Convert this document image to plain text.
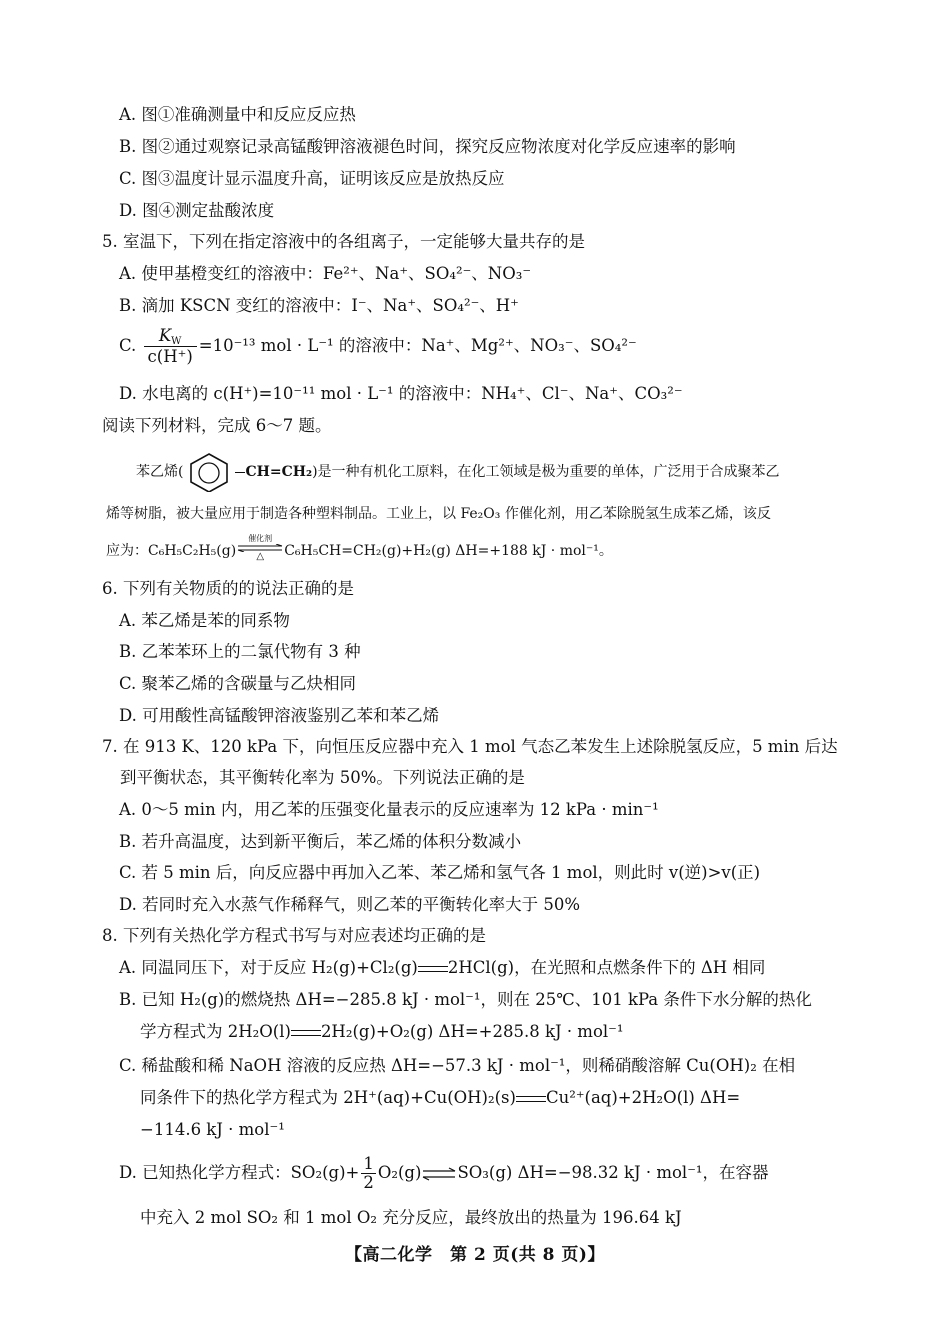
A. 图①准确测量中和反应反应热
B. 图②通过观察记录高锰酸钾溶液褪色时间，探究反应物浓度对化学反应速率的影响
C. 图③温度计显示温度升高，证明该反应是放热反应
D. 图④测定盐酸浓度
5. 室温下，下列在指定溶液中的各组离子，一定能够大量共存的是
A. 使甲基橙变红的溶液中：Fe²⁺、Na⁺、SO₄²⁻、NO₃⁻
B. 滴加 KSCN 变红的溶液中：I⁻、Na⁺、SO₄²⁻、H⁺
C. $\frac{K_W}{c(H^+)} =10^{-13}$ mol · L⁻¹ 的溶液中：Na⁺、Mg²⁺、NO₃⁻、SO₄²⁻
D. 水电离的 c(H⁺)=10⁻¹¹ mol · L⁻¹ 的溶液中：NH₄⁺、Cl⁻、Na⁺、CO₃²⁻
阅读下列材料，完成 6～7 题。
苯乙烯(	CH=CH₂)是一种有机化工原料，在化工领域是极为重要的单体，广泛用于合成聚苯乙
烯等树脂，被大量应用于制造各种塑料制品。工业上，以 Fe₂O₃ 作催化剂，用乙苯除脱氢生成苯乙烯，该反
应为：C₆H₅C₂H₅(g)
催化剂
△	C₆H₅CH=CH₂(g)+H₂(g) ΔH=+188 kJ · mol⁻¹。
6. 下列有关物质的的说法正确的是
A. 苯乙烯是苯的同系物
B. 乙苯苯环上的二氯代物有 3 种
C. 聚苯乙烯的含碳量与乙炔相同
D. 可用酸性高锰酸钾溶液鉴别乙苯和苯乙烯
7. 在 913 K、120 kPa 下，向恒压反应器中充入 1 mol 气态乙苯发生上述除脱氢反应，5 min 后达
到平衡状态，其平衡转化率为 50%。下列说法正确的是
A. 0～5 min 内，用乙苯的压强变化量表示的反应速率为 12 kPa · min⁻¹
B. 若升高温度，达到新平衡后，苯乙烯的体积分数减小
C. 若 5 min 后，向反应器中再加入乙苯、苯乙烯和氢气各 1 mol，则此时 v(逆)>v(正)
D. 若同时充入水蒸气作稀释气，则乙苯的平衡转化率大于 50%
8. 下列有关热化学方程式书写与对应表述均正确的是
A. 同温同压下，对于反应 H₂(g)+Cl₂(g) 2HCl(g)，在光照和点燃条件下的 ΔH 相同
B. 已知 H₂(g)的燃烧热 ΔH=−285.8 kJ · mol⁻¹，则在 25℃、101 kPa 条件下水分解的热化
学方程式为 2H₂O(l) 2H₂(g)+O₂(g) ΔH=+285.8 kJ · mol⁻¹
C. 稀盐酸和稀 NaOH 溶液的反应热 ΔH=−57.3 kJ · mol⁻¹，则稀硝酸溶解 Cu(OH)₂ 在相
同条件下的热化学方程式为 2H⁺(aq)+Cu(OH)₂(s) Cu²⁺(aq)+2H₂O(l) ΔH=
−114.6 kJ · mol⁻¹
D. 已知热化学方程式：$SO_2(g)+ \frac{1}{2}$ O₂(g)⇌SO₃(g) ΔH=−98.32 kJ · mol⁻¹，在容器
中充入 2 mol SO₂ 和 1 mol O₂ 充分反应，最终放出的热量为 196.64 kJ
【高二化学　第 2 页(共 8 页)】
